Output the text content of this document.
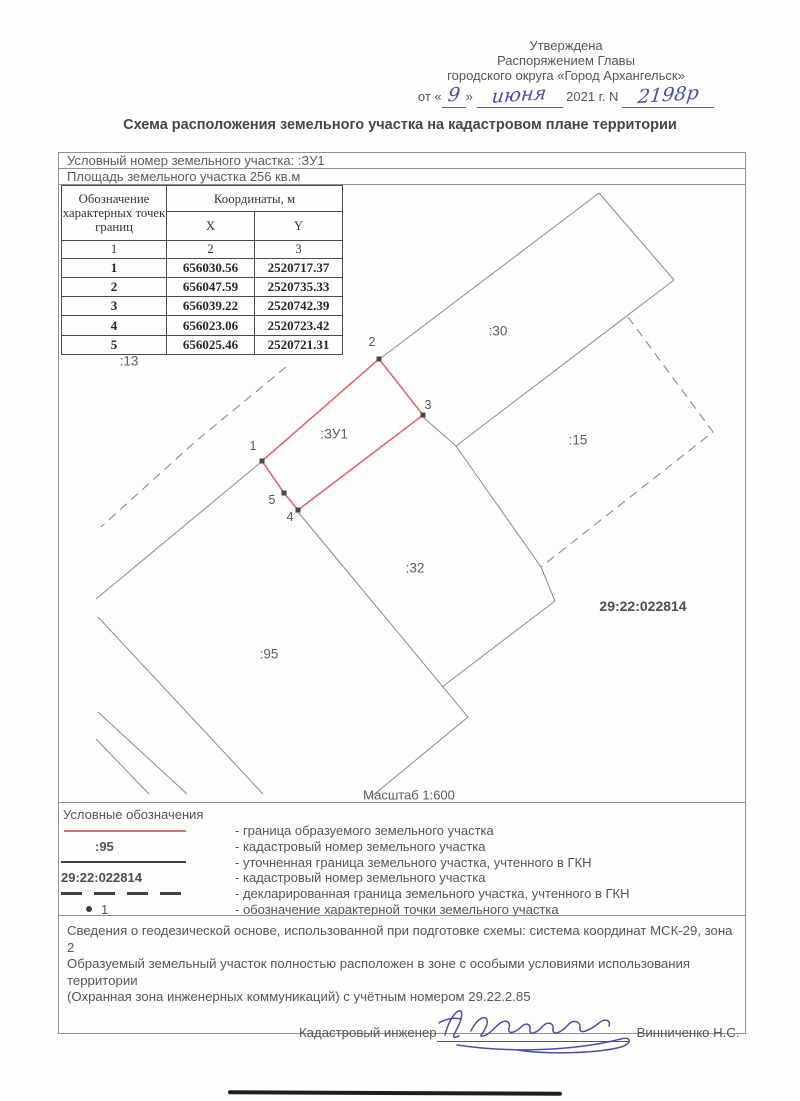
Утверждена
Распоряжением Главы
городского округа «Город Архангельск»
от « 9 » июня 2021 г. N 2198р
Схема расположения земельного участка на кадастровом плане территории
Условный номер земельного участка: :ЗУ1
Площадь земельного участка 256 кв.м
Обозначение характерных точек границ	Координаты, м	
	X	Y
1	2	3
1	656030.56	2520717.37
2	656047.59	2520735.33
3	656039.22	2520742.39
4	656023.06	2520723.42
5	656025.46	2520721.31
:13
:30
:15
:ЗУ1
:32
:95
29:22:022814
Масштаб 1:600
1
2
3
4
5
Условные обозначения
- граница образуемого земельного участка
:95	- кадастровый номер земельного участка
- уточненная граница земельного участка, учтенного в ГКН
29:22:022814	- кадастровый номер земельного участка
- декларированная граница земельного участка, учтенного в ГКН
1	- обозначение характерной точки земельного участка
Сведения о геодезической основе, использованной при подготовке схемы: система координат МСК-29, зона 2
Образуемый земельный участок полностью расположен в зоне с особыми условиями использования территории
(Охранная зона инженерных коммуникаций) с учётным номером 29.22.2.85
Кадастровый инженер	Винниченко Н.С.
